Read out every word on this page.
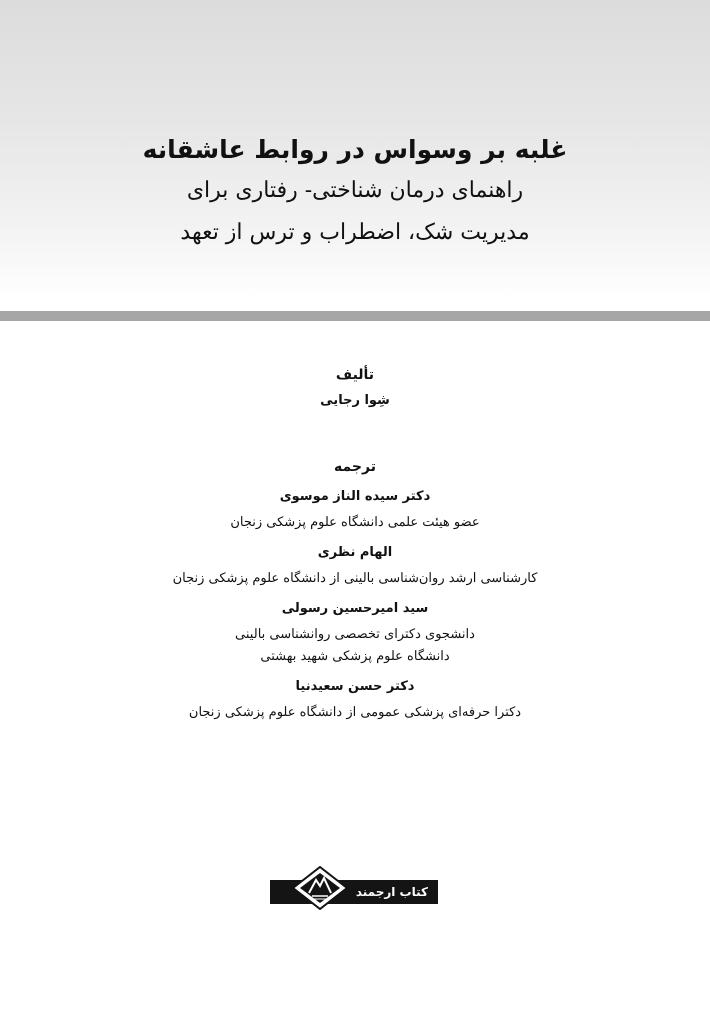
غلبه بر وسواس در روابط عاشقانه

راهنمای درمان شناختی- رفتاری برای

مدیریت شک، اضطراب و ترس از تعهد

تألیف

شِوا رجایی

ترجمه

دکتر سیده الناز موسوی

عضو هیئت علمی دانشگاه علوم پزشکی زنجان

الهام نظری

کارشناسی ارشد روان‌شناسی بالینی از دانشگاه علوم پزشکی زنجان

سید امیرحسین رسولی

دانشجوی دکترای تخصصی روانشناسی بالینی

دانشگاه علوم پزشکی شهید بهشتی

دکتر حسن سعیدنیا

دکترا حرفه‌ای پزشکی عمومی از دانشگاه علوم پزشکی زنجان

کتاب ارجمند
